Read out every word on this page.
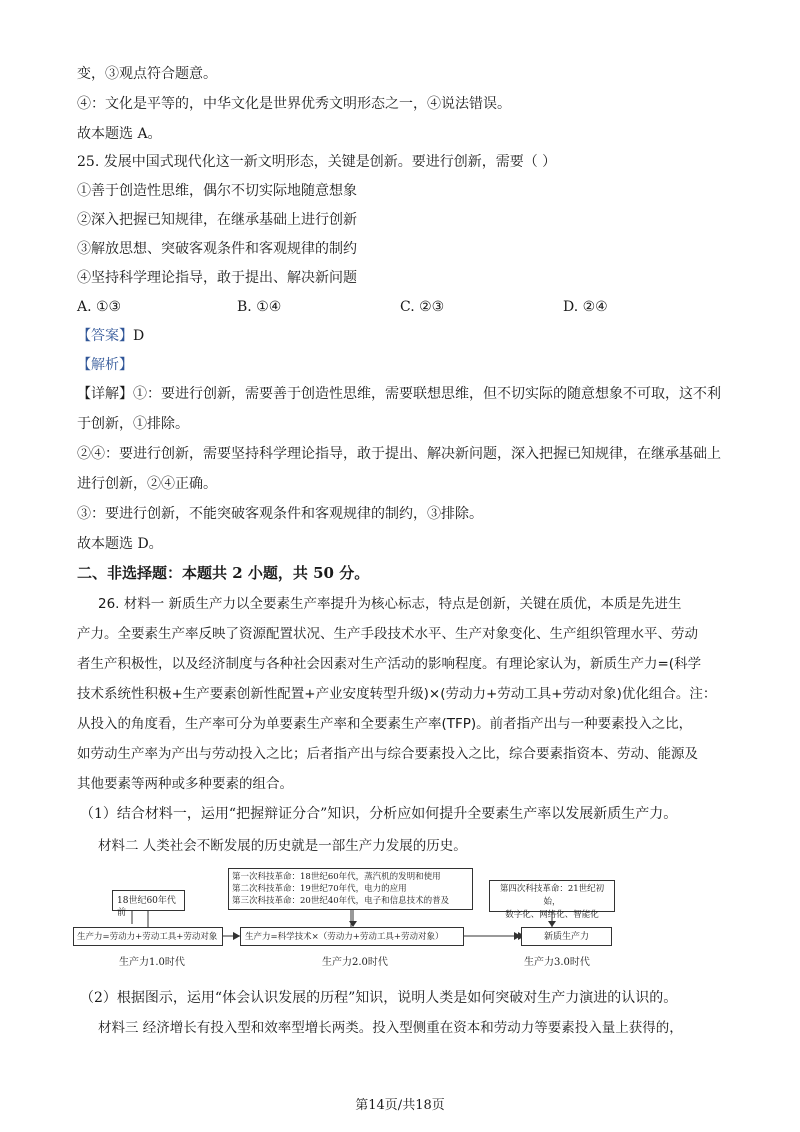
变，③观点符合题意。
④：文化是平等的，中华文化是世界优秀文明形态之一，④说法错误。
故本题选 A。
25. 发展中国式现代化这一新文明形态，关键是创新。要进行创新，需要（ ）
①善于创造性思维，偶尔不切实际地随意想象
②深入把握已知规律，在继承基础上进行创新
③解放思想、突破客观条件和客观规律的制约
④坚持科学理论指导，敢于提出、解决新问题
A. ①③	B. ①④	C. ②③	D. ②④
【答案】D
【解析】
【详解】①：要进行创新，需要善于创造性思维，需要联想思维，但不切实际的随意想象不可取，这不利
于创新，①排除。
②④：要进行创新，需要坚持科学理论指导，敢于提出、解决新问题，深入把握已知规律，在继承基础上
进行创新，②④正确。
③：要进行创新，不能突破客观条件和客观规律的制约，③排除。
故本题选 D。
二、非选择题：本题共 2 小题，共 50 分。
26. 材料一 新质生产力以全要素生产率提升为核心标志，特点是创新，关键在质优，本质是先进生
产力。全要素生产率反映了资源配置状况、生产手段技术水平、生产对象变化、生产组织管理水平、劳动
者生产积极性，以及经济制度与各种社会因素对生产活动的影响程度。有理论家认为，新质生产力=(科学
技术系统性积极+生产要素创新性配置+产业安度转型升级)×(劳动力+劳动工具+劳动对象)优化组合。注：
从投入的角度看，生产率可分为单要素生产率和全要素生产率(TFP)。前者指产出与一种要素投入之比，
如劳动生产率为产出与劳动投入之比；后者指产出与综合要素投入之比，综合要素指资本、劳动、能源及
其他要素等两种或多种要素的组合。
（1）结合材料一，运用“把握辩证分合”知识，分析应如何提升全要素生产率以发展新质生产力。
材料二 人类社会不断发展的历史就是一部生产力发展的历史。
18世纪60年代前
第一次科技革命：18世纪60年代，蒸汽机的发明和使用
第二次科技革命：19世纪70年代，电力的应用
第三次科技革命：20世纪40年代，电子和信息技术的普及
第四次科技革命：21世纪初始，
数字化、网络化、智能化
生产力=劳动力+劳动工具+劳动对象	生产力=科学技术×（劳动力+劳动工具+劳动对象）	新质生产力
生产力1.0时代	生产力2.0时代	生产力3.0时代
（2）根据图示，运用“体会认识发展的历程”知识，说明人类是如何突破对生产力演进的认识的。
材料三 经济增长有投入型和效率型增长两类。投入型侧重在资本和劳动力等要素投入量上获得的，
第14页/共18页
